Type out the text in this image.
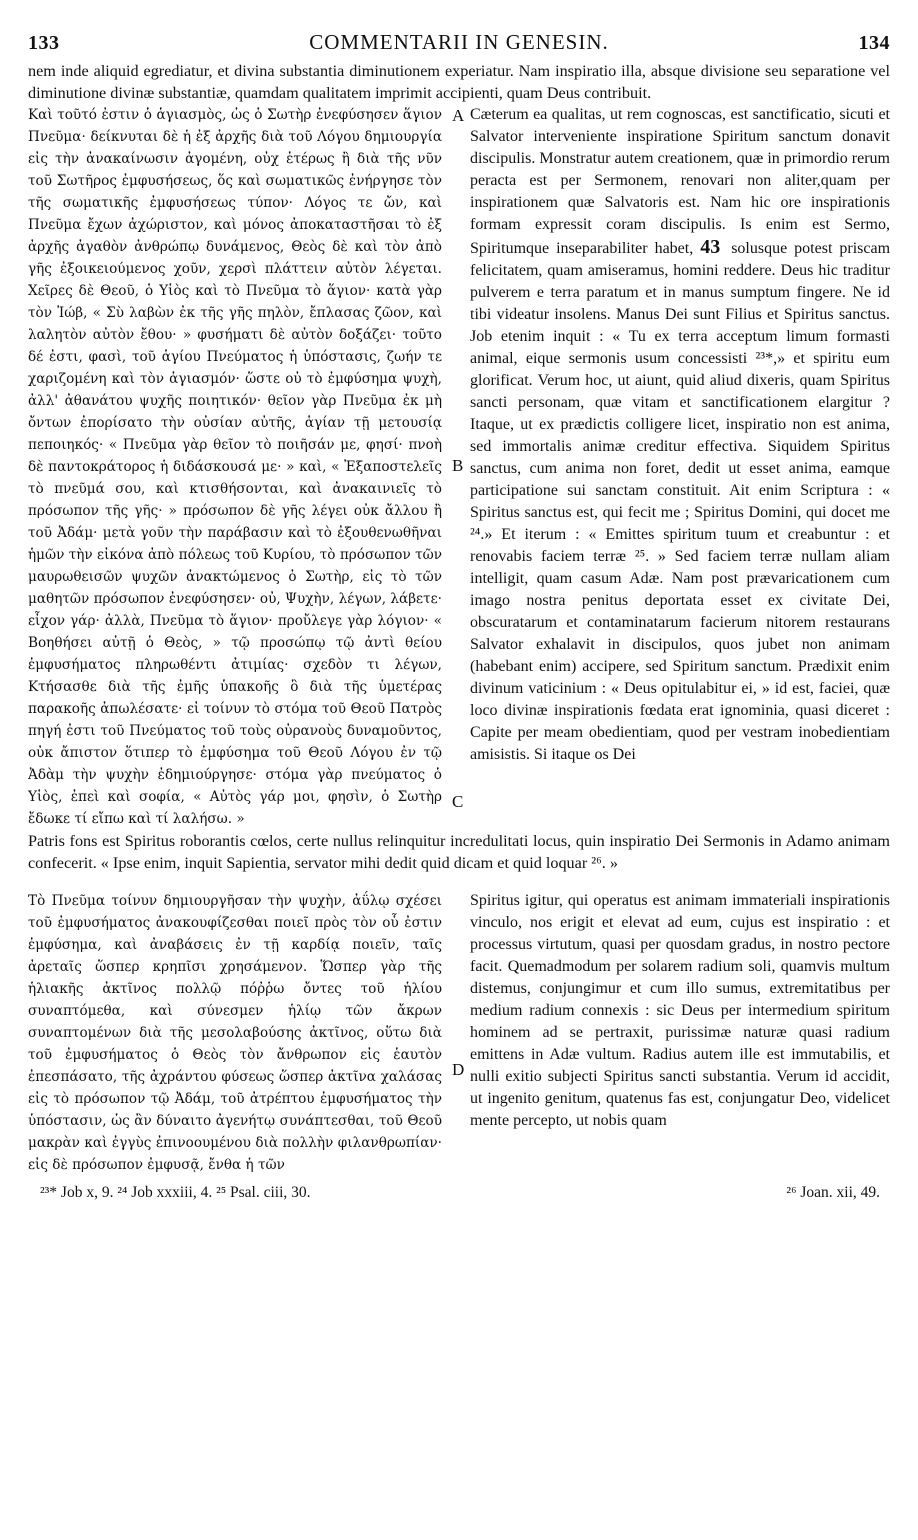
133	COMMENTARII IN GENESIN.	134
nem inde aliquid egrediatur, et divina substantia diminutionem experiatur. Nam inspiratio illa, absque divisione seu separatione vel diminutione divinæ substantiæ, quamdam qualitatem imprimit accipienti, quam Deus contribuit.
Καὶ τοῦτό ἐστιν ὁ ἁγιασμὸς, ὡς ὁ Σωτὴρ ἐνεφύσησεν ἅγιον Πνεῦμα· δείκνυται δὲ ἡ ἐξ ἀρχῆς διὰ τοῦ Λόγου δημιουργία εἰς τὴν ἀνακαίνωσιν ἀγομένη, οὐχ ἑτέρως ἢ διὰ τῆς νῦν τοῦ Σωτῆρος ἐμφυσήσεως, ὅς καὶ σωματικῶς ἐνήργησε τὸν τῆς σωματικῆς ἐμφυσήσεως τύπον· Λόγος τε ὤν, καὶ Πνεῦμα ἔχων ἀχώριστον, καὶ μόνος ἀποκαταστῆσαι τὸ ἐξ ἀρχῆς ἀγαθὸν ἀνθρώπῳ δυνάμενος, Θεὸς δὲ καὶ τὸν ἀπὸ γῆς ἐξοικειούμενος χοῦν, χερσὶ πλάττειν αὐτὸν λέγεται. Χεῖρες δὲ Θεοῦ, ὁ Υἱὸς καὶ τὸ Πνεῦμα τὸ ἅγιον· κατὰ γὰρ τὸν Ἰώβ, « Σὺ λαβὼν ἐκ τῆς γῆς πηλὸν, ἔπλασας ζῶον, καὶ λαλητὸν αὐτὸν ἔθου· » φυσήματι δὲ αὐτὸν δοξάζει· τοῦτο δέ ἐστι, φασὶ, τοῦ ἁγίου Πνεύματος ἡ ὑπόστασις, ζωήν τε χαριζομένη καὶ τὸν ἁγιασμόν· ὥστε οὐ τὸ ἐμφύσημα ψυχὴ, ἀλλ' ἀθανάτου ψυχῆς ποιητικόν· θεῖον γὰρ Πνεῦμα ἐκ μὴ ὄντων ἐπορίσατο τὴν οὐσίαν αὐτῆς, ἁγίαν τῇ μετουσίᾳ πεποιηκός· « Πνεῦμα γὰρ θεῖον τὸ ποιῆσάν με, φησί· πνοὴ δὲ παντοκράτορος ἡ διδάσκουσά με· » καὶ, « Ἐξαποστελεῖς τὸ πνεῦμά σου, καὶ κτισθήσονται, καὶ ἀνακαινιεῖς τὸ πρόσωπον τῆς γῆς· » πρόσωπον δὲ γῆς λέγει οὐκ ἄλλου ἢ τοῦ Ἀδάμ· μετὰ γοῦν τὴν παράβασιν καὶ τὸ ἐξουθενωθῆναι ἡμῶν τὴν εἰκόνα ἀπὸ πόλεως τοῦ Κυρίου, τὸ πρόσωπον τῶν μαυρωθεισῶν ψυχῶν ἀνακτώμενος ὁ Σωτὴρ, εἰς τὸ τῶν μαθητῶν πρόσωπον ἐνεφύσησεν· οὐ, Ψυχὴν, λέγων, λάβετε· εἶχον γάρ· ἀλλὰ, Πνεῦμα τὸ ἅγιον· προὔλεγε γὰρ λόγιον· « Βοηθήσει αὐτῇ ὁ Θεὸς, » τῷ προσώπῳ τῷ ἀντὶ θείου ἐμφυσήματος πληρωθέντι ἀτιμίας· σχεδὸν τι λέγων, Κτήσασθε διὰ τῆς ἐμῆς ὑπακοῆς ὃ διὰ τῆς ὑμετέρας παρακοῆς ἀπωλέσατε· εἰ τοίνυν τὸ στόμα τοῦ Θεοῦ Πατρὸς πηγή ἐστι τοῦ Πνεύματος τοῦ τοὺς οὐρανοὺς δυναμοῦντος, οὐκ ἄπιστον ὅτιπερ τὸ ἐμφύσημα τοῦ Θεοῦ Λόγου ἐν τῷ Ἀδὰμ τὴν ψυχὴν ἐδημιούργησε· στόμα γὰρ πνεύματος ὁ Υἱὸς, ἐπεὶ καὶ σοφία, « Αὐτὸς γάρ μοι, φησὶν, ὁ Σωτὴρ ἔδωκε τί εἴπω καὶ τί λαλήσω. »
Cæterum ea qualitas, ut rem cognoscas, est sanctificatio, sicuti et Salvator interveniente inspiratione Spiritum sanctum donavit discipulis. Monstratur autem creationem, quæ in primordio rerum peracta est per Sermonem, renovari non aliter,quam per inspirationem quæ Salvatoris est. Nam hic ore inspirationis formam expressit coram discipulis. Is enim est Sermo, Spiritumque inseparabiliter habet, 43 solusque potest priscam felicitatem, quam amiseramus, homini reddere. Deus hic traditur pulverem e terra paratum et in manus sumptum fingere. Ne id tibi videatur insolens. Manus Dei sunt Filius et Spiritus sanctus. Job etenim inquit : « Tu ex terra acceptum limum formasti animal, eique sermonis usum concessisti ²³*,» et spiritu eum glorificat. Verum hoc, ut aiunt, quid aliud dixeris, quam Spiritus sancti personam, quæ vitam et sanctificationem elargitur ? Itaque, ut ex prædictis colligere licet, inspiratio non est anima, sed immortalis animæ creditur effectiva. Siquidem Spiritus sanctus, cum anima non foret, dedit ut esset anima, eamque participatione sui sanctam constituit. Ait enim Scriptura : « Spiritus sanctus est, qui fecit me ; Spiritus Domini, qui docet me ²⁴.» Et iterum : « Emittes spiritum tuum et creabuntur : et renovabis faciem terræ ²⁵. » Sed faciem terræ nullam aliam intelligit, quam casum Adæ. Nam post prævaricationem cum imago nostra penitus deportata esset ex civitate Dei, obscuratarum et contaminatarum facierum nitorem restaurans Salvator exhalavit in discipulos, quos jubet non animam (habebant enim) accipere, sed Spiritum sanctum. Prædixit enim divinum vaticinium : « Deus opitulabitur ei, » id est, faciei, quæ loco divinæ inspirationis fœdata erat ignominia, quasi diceret : Capite per meam obedientiam, quod per vestram inobedientiam amisistis. Si itaque os Dei
A
B
C
Patris fons est Spiritus roborantis cœlos, certe nullus relinquitur incredulitati locus, quin inspiratio Dei Sermonis in Adamo animam confecerit. « Ipse enim, inquit Sapientia, servator mihi dedit quid dicam et quid loquar ²⁶. »
Τὸ Πνεῦμα τοίνυν δημιουργῆσαν τὴν ψυχὴν, ἀΰλῳ σχέσει τοῦ ἐμφυσήματος ἀνακουφίζεσθαι ποιεῖ πρὸς τὸν οὗ ἐστιν ἐμφύσημα, καὶ ἀναβάσεις ἐν τῇ καρδίᾳ ποιεῖν, ταῖς ἀρεταῖς ὥσπερ κρηπῖσι χρησάμενον. Ὥσπερ γὰρ τῆς ἡλιακῆς ἀκτῖνος πολλῷ πόῤῥω ὄντες τοῦ ἡλίου συναπτόμεθα, καὶ σύνεσμεν ἡλίῳ τῶν ἄκρων συναπτομένων διὰ τῆς μεσολαβούσης ἀκτῖνος, οὕτω διὰ τοῦ ἐμφυσήματος ὁ Θεὸς τὸν ἄνθρωπον εἰς ἑαυτὸν ἐπεσπάσατο, τῆς ἀχράντου φύσεως ὥσπερ ἀκτῖνα χαλάσας εἰς τὸ πρόσωπον τῷ Ἀδάμ, τοῦ ἀτρέπτου ἐμφυσήματος τὴν ὑπόστασιν, ὡς ἂν δύναιτο ἀγενήτῳ συνάπτεσθαι, τοῦ Θεοῦ μακρὰν καὶ ἐγγὺς ἐπινοουμένου διὰ πολλὴν φιλανθρωπίαν· εἰς δὲ πρόσωπον ἐμφυσᾷ, ἔνθα ἡ τῶν
Spiritus igitur, qui operatus est animam immateriali inspirationis vinculo, nos erigit et elevat ad eum, cujus est inspiratio : et processus virtutum, quasi per quosdam gradus, in nostro pectore facit. Quemadmodum per solarem radium soli, quamvis multum distemus, conjungimur et cum illo sumus, extremitatibus per medium radium connexis : sic Deus per intermedium spiritum hominem ad se pertraxit, purissimæ naturæ quasi radium emittens in Adæ vultum. Radius autem ille est immutabilis, et nulli exitio subjecti Spiritus sancti substantia. Verum id accidit, ut ingenito genitum, quatenus fas est, conjungatur Deo, videlicet mente percepto, ut nobis quam
D
²³* Job x, 9. ²⁴ Job xxxiii, 4. ²⁵ Psal. ciii, 30.	²⁶ Joan. xii, 49.
